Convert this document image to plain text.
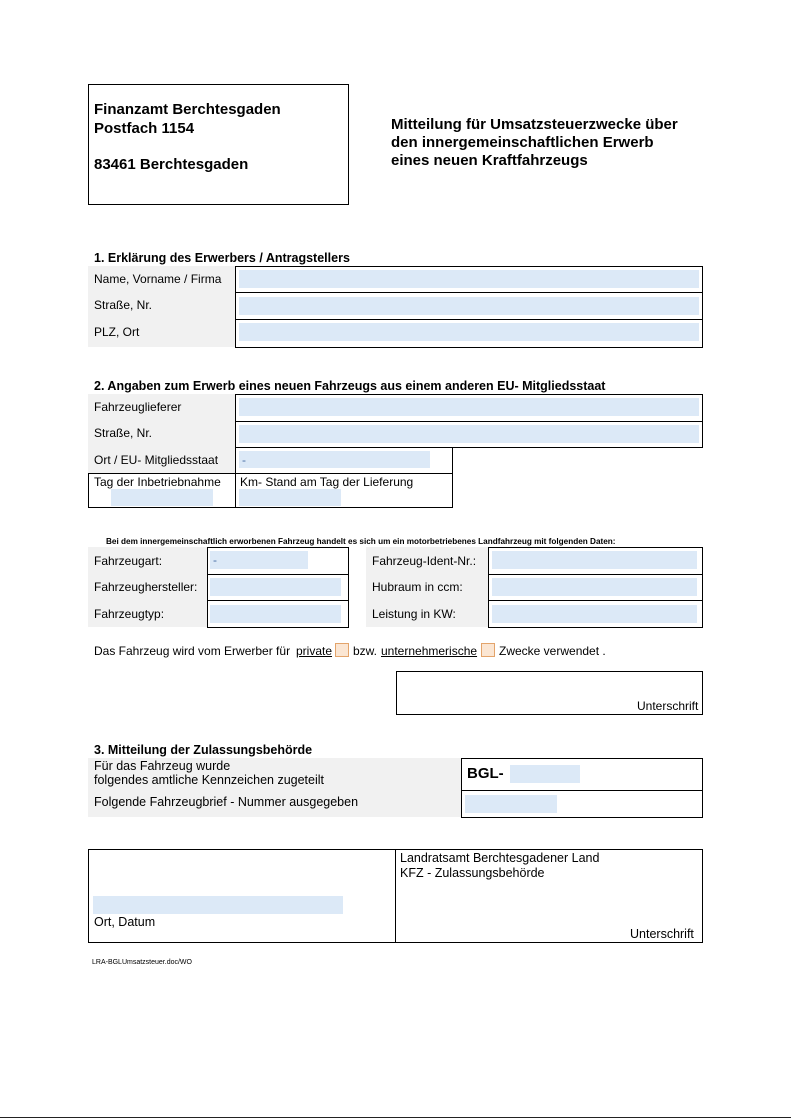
Finanzamt Berchtesgaden
Postfach 1154
83461 Berchtesgaden
Mitteilung für Umsatzsteuerzwecke über
den innergemeinschaftlichen Erwerb
eines neuen Kraftfahrzeugs
1. Erklärung des Erwerbers / Antragstellers
Name, Vorname / Firma
Straße, Nr.
PLZ, Ort
2. Angaben zum Erwerb eines neuen Fahrzeugs aus einem anderen EU- Mitgliedsstaat
Fahrzeuglieferer
Straße, Nr.
Ort / EU- Mitgliedsstaat
Tag der Inbetriebnahme Km- Stand am Tag der Lieferung
-
Bei dem innergemeinschaftlich erworbenen Fahrzeug handelt es sich um ein motorbetriebenes Landfahrzeug mit folgenden Daten:
Fahrzeugart:
Fahrzeughersteller:
Fahrzeugtyp:
Fahrzeug-Ident-Nr.:
Hubraum in ccm:
Leistung in KW:
-
Das Fahrzeug wird vom Erwerber für private bzw. unternehmerische Zwecke verwendet .
Unterschrift
3. Mitteilung der Zulassungsbehörde
Für das Fahrzeug wurde
folgendes amtliche Kennzeichen zugeteilt
Folgende Fahrzeugbrief - Nummer ausgegeben
BGL-
Ort, Datum
Landratsamt Berchtesgadener Land
KFZ - Zulassungsbehörde
Unterschrift
LRA-BGLUmsatzsteuer.doc/WO
